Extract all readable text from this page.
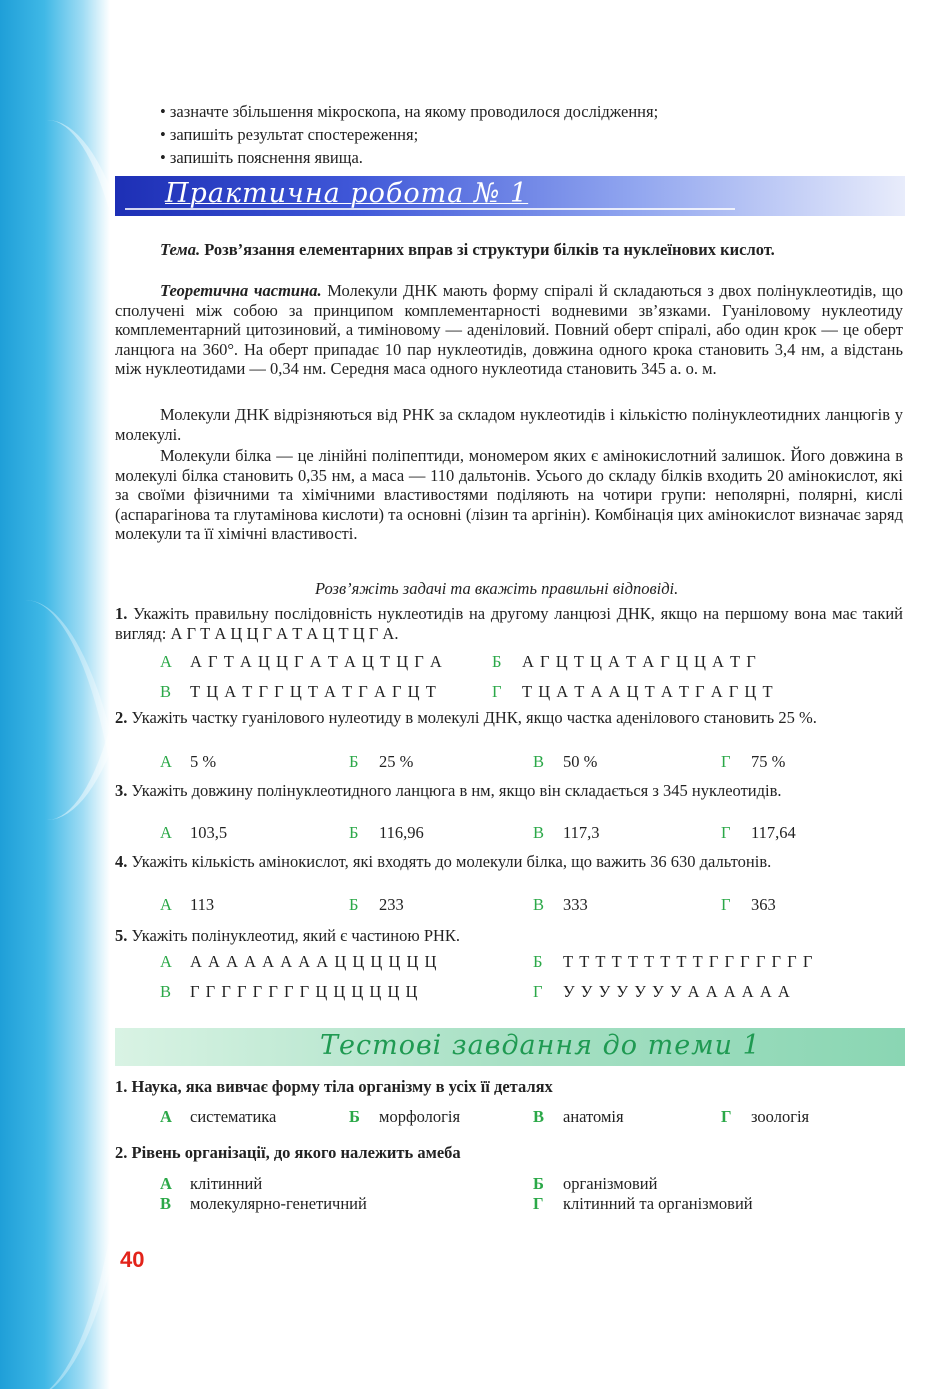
• зазначте збільшення мікроскопа, на якому проводилося дослідження;
• запишіть результат спостереження;
• запишіть пояснення явища.
Практична робота № 1
Тема. Розв’язання елементарних вправ зі структури білків та нуклеїнових кислот.
Теоретична частина. Молекули ДНК мають форму спіралі й складаються з двох полінуклеотидів, що сполучені між собою за принципом комплементарності водневими зв’язками. Гуаніловому нуклеотиду комплементарний цитозиновий, а тиміновому — аденіловий. Повний оберт спіралі, або один крок — це оберт ланцюга на 360°. На оберт припадає 10 пар нуклеотидів, довжина одного крока становить 3,4 нм, а відстань між нуклеотидами — 0,34 нм. Середня маса одного нуклеотида становить 345 а. о. м.
Молекули ДНК відрізняються від РНК за складом нуклеотидів і кількістю полінуклеотидних ланцюгів у молекулі.
Молекули білка — це лінійні поліпептиди, мономером яких є амінокислотний залишок. Його довжина в молекулі білка становить 0,35 нм, а маса — 110 дальтонів. Усього до складу білків входить 20 амінокислот, які за своїми фізичними та хімічними властивостями поділяють на чотири групи: неполярні, полярні, кислі (аспарагінова та глутамінова кислоти) та основні (лізин та аргінін). Комбінація цих амінокислот визначає заряд молекули та її хімічні властивості.
Розв’яжіть задачі та вкажіть правильні відповіді.
1. Укажіть правильну послідовність нуклеотидів на другому ланцюзі ДНК, якщо на першому вона має такий вигляд: А Г Т А Ц Ц Г А Т А Ц Т Ц Г А.
А А Г Т А Ц Ц Г А Т А Ц Т Ц Г А	Б А Г Ц Т Ц А Т А Г Ц Ц А Т Г
В Т Ц А Т Г Г Ц Т А Т Г А Г Ц Т	Г Т Ц А Т А А Ц Т А Т Г А Г Ц Т
2. Укажіть частку гуанілового нулеотиду в молекулі ДНК, якщо частка аденілового становить 25 %.
А 5 %	Б 25 %	В 50 %	Г 75 %
3. Укажіть довжину полінуклеотидного ланцюга в нм, якщо він складається з 345 нуклеотидів.
А 103,5	Б 116,96	В 117,3	Г 117,64
4. Укажіть кількість амінокислот, які входять до молекули білка, що важить 36 630 дальтонів.
А 113	Б 233	В 333	Г 363
5. Укажіть полінуклеотид, який є частиною РНК.
А А А А А А А А А Ц Ц Ц Ц Ц Ц	Б Т Т Т Т Т Т Т Т Т Г Г Г Г Г Г Г
В Г Г Г Г Г Г Г Г Ц Ц Ц Ц Ц Ц	Г У У У У У У У А А А А А А
Тестові завдання до теми 1
1. Наука, яка вивчає форму тіла організму в усіх її деталях
А систематика	Б морфологія	В анатомія	Г зоологія
2. Рівень організації, до якого належить амеба
А клітинний	Б організмовий
В молекулярно-генетичний	Г клітинний та організмовий
40
